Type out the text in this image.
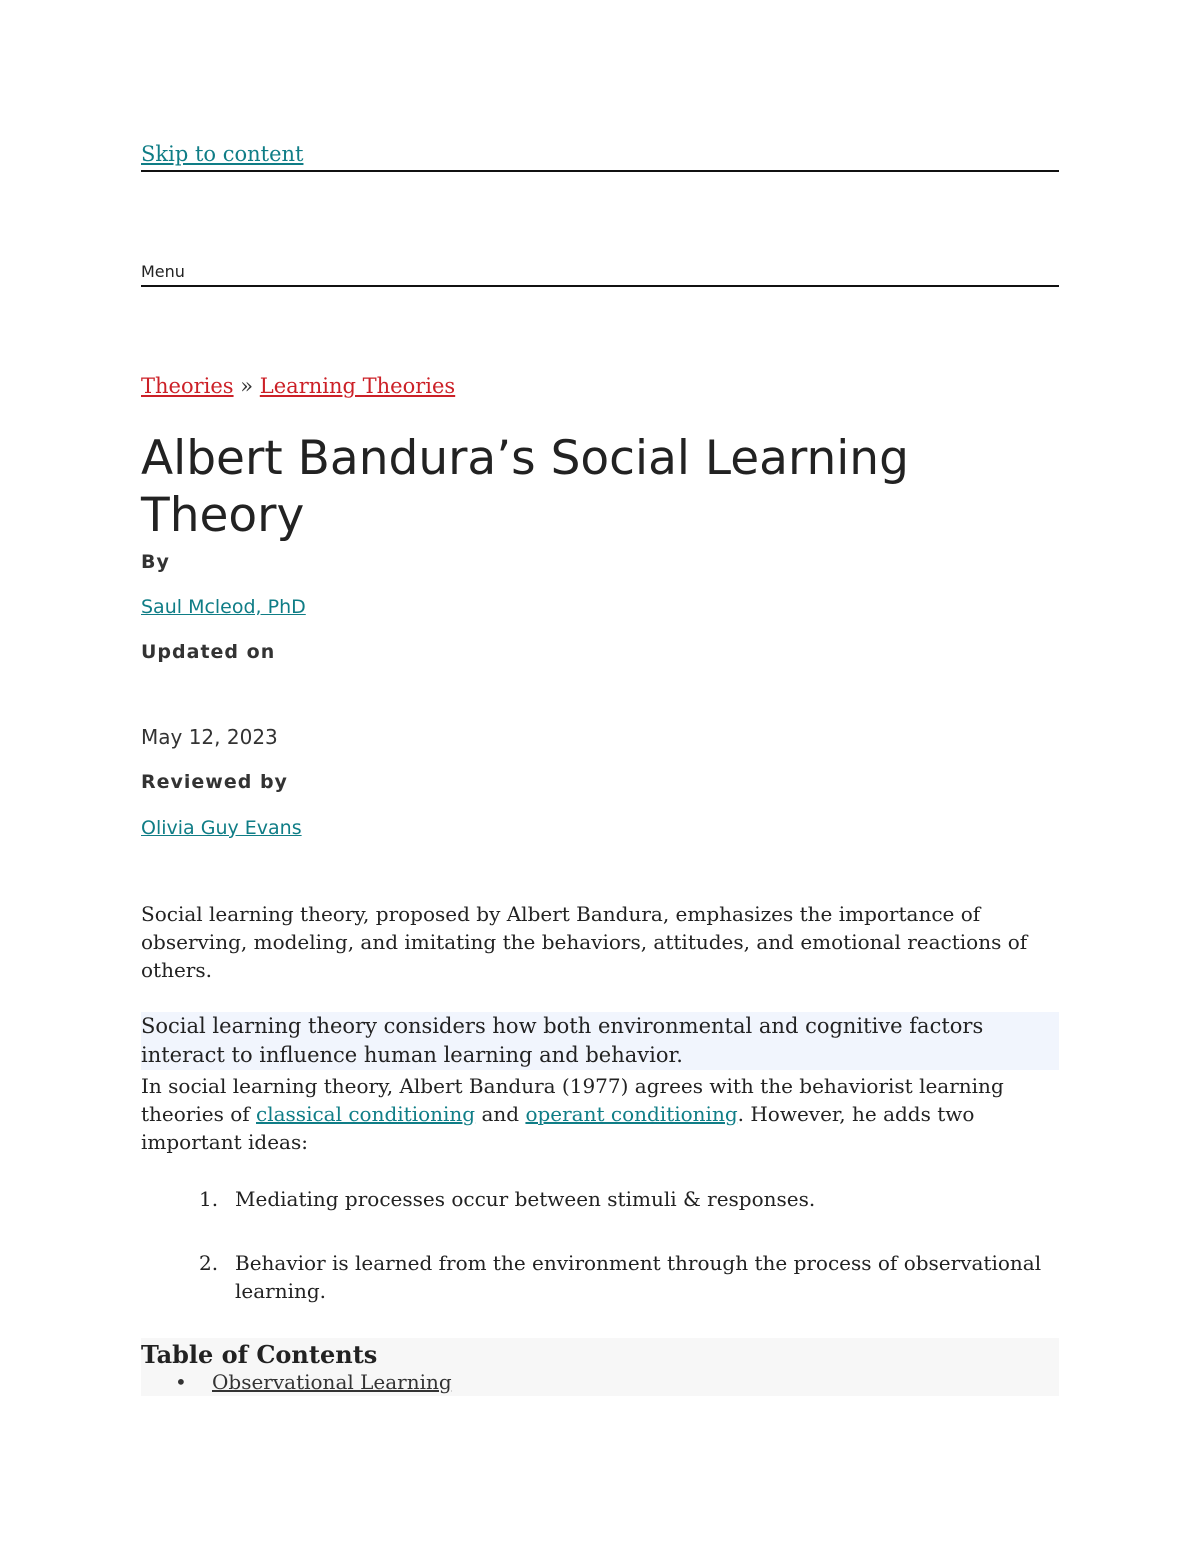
Skip to content
Menu
Theories » Learning Theories
Albert Bandura’s Social Learning Theory
By
Saul Mcleod, PhD
Updated on
May 12, 2023
Reviewed by
Olivia Guy Evans

Social learning theory, proposed by Albert Bandura, emphasizes the importance of observing, modeling, and imitating the behaviors, attitudes, and emotional reactions of others.

Social learning theory considers how both environmental and cognitive factors interact to influence human learning and behavior.

In social learning theory, Albert Bandura (1977) agrees with the behaviorist learning theories of classical conditioning and operant conditioning. However, he adds two important ideas:

1. Mediating processes occur between stimuli & responses.
2. Behavior is learned from the environment through the process of observational learning.
Table of Contents
• Observational Learning
